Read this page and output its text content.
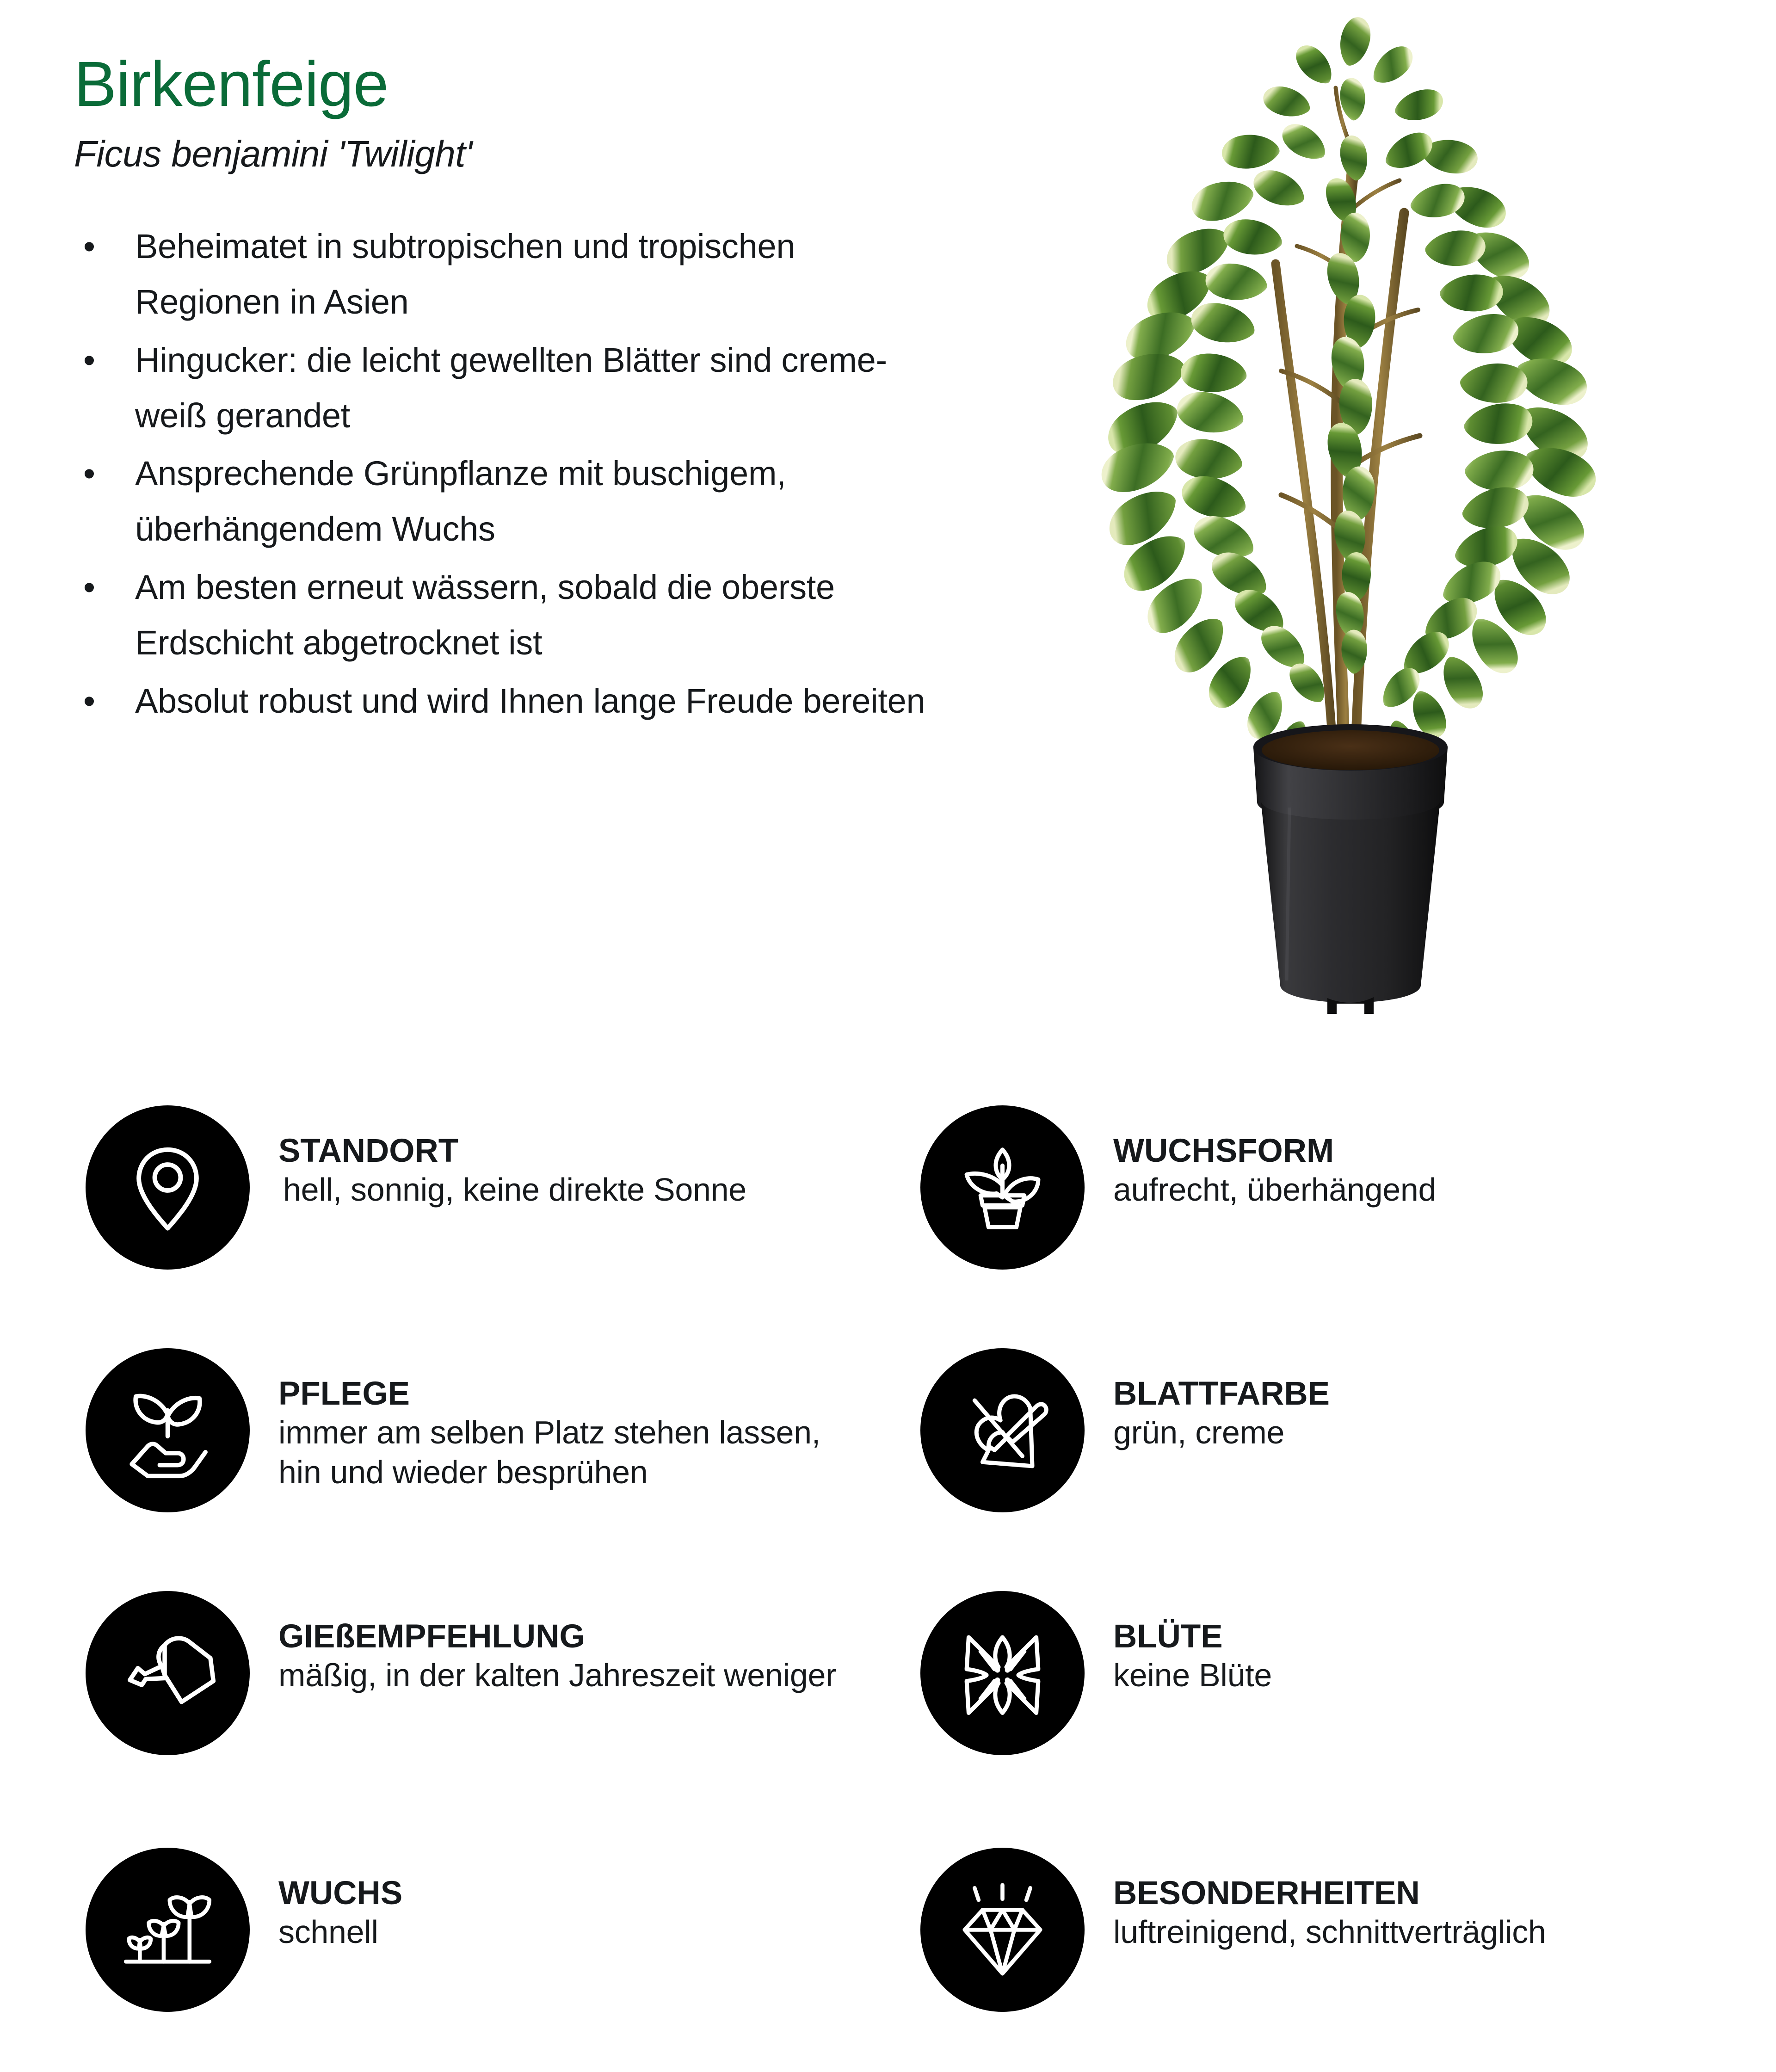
Birkenfeige
Ficus benjamini 'Twilight'
• Beheimatet in subtropischen und tropischen Regionen in Asien
• Hingucker: die leicht gewellten Blätter sind creme-weiß gerandet
• Ansprechende Grünpflanze mit buschigem, überhängendem Wuchs
• Am besten erneut wässern, sobald die oberste Erdschicht abgetrocknet ist
• Absolut robust und wird Ihnen lange Freude bereiten
STANDORT
hell, sonnig, keine direkte Sonne
PFLEGE
immer am selben Platz stehen lassen, hin und wieder besprühen
GIEßEMPFEHLUNG
mäßig, in der kalten Jahreszeit weniger
WUCHS
schnell
WUCHSFORM
aufrecht, überhängend
BLATTFARBE
grün, creme
BLÜTE
keine Blüte
BESONDERHEITEN
luftreinigend, schnittverträglich
